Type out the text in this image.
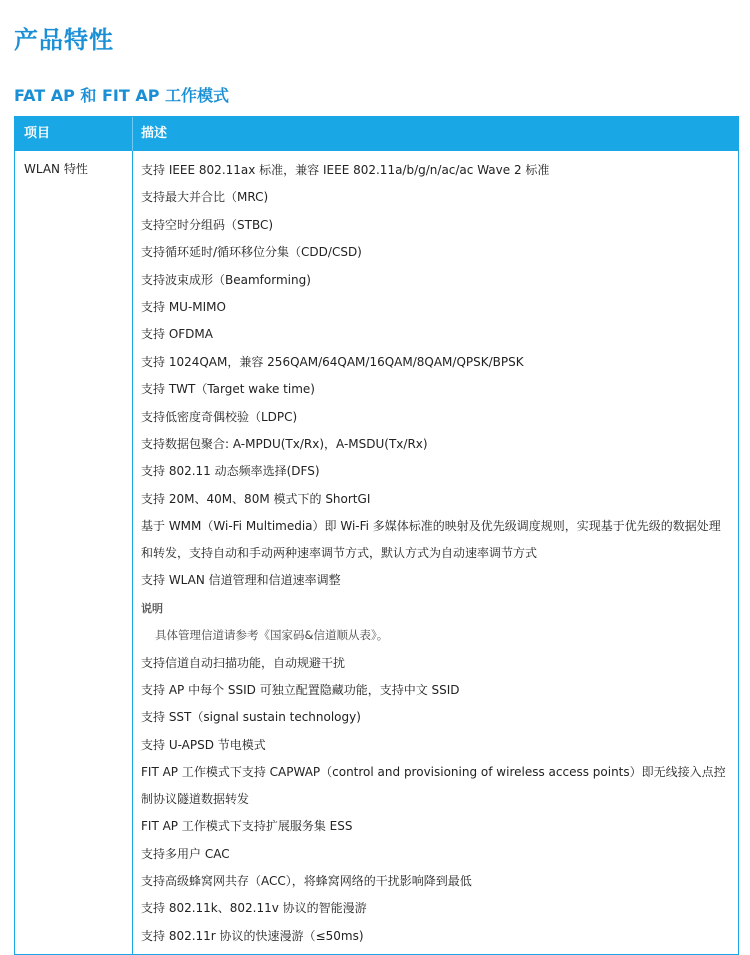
产品特性
FAT AP 和 FIT AP 工作模式
项目	描述
WLAN 特性	支持 IEEE 802.11ax 标准，兼容 IEEE 802.11a/b/g/n/ac/ac Wave 2 标准
支持最大并合比（MRC)
支持空时分组码（STBC)
支持循环延时/循环移位分集（CDD/CSD)
支持波束成形（Beamforming)
支持 MU-MIMO
支持 OFDMA
支持 1024QAM，兼容 256QAM/64QAM/16QAM/8QAM/QPSK/BPSK
支持 TWT（Target wake time)
支持低密度奇偶校验（LDPC)
支持数据包聚合: A-MPDU(Tx/Rx)，A-MSDU(Tx/Rx)
支持 802.11 动态频率选择(DFS)
支持 20M、40M、80M 模式下的 ShortGI
基于 WMM（Wi-Fi Multimedia）即 Wi-Fi 多媒体标准的映射及优先级调度规则，实现基于优先级的数据处理和转发，支持自动和手动两种速率调节方式，默认方式为自动速率调节方式
支持 WLAN 信道管理和信道速率调整
说明
具体管理信道请参考《国家码&信道顺从表》。
支持信道自动扫描功能，自动规避干扰
支持 AP 中每个 SSID 可独立配置隐藏功能，支持中文 SSID
支持 SST（signal sustain technology)
支持 U-APSD 节电模式
FIT AP 工作模式下支持 CAPWAP（control and provisioning of wireless access points）即无线接入点控制协议隧道数据转发
FIT AP 工作模式下支持扩展服务集 ESS
支持多用户 CAC
支持高级蜂窝网共存（ACC），将蜂窝网络的干扰影响降到最低
支持 802.11k、802.11v 协议的智能漫游
支持 802.11r 协议的快速漫游（≤50ms)
